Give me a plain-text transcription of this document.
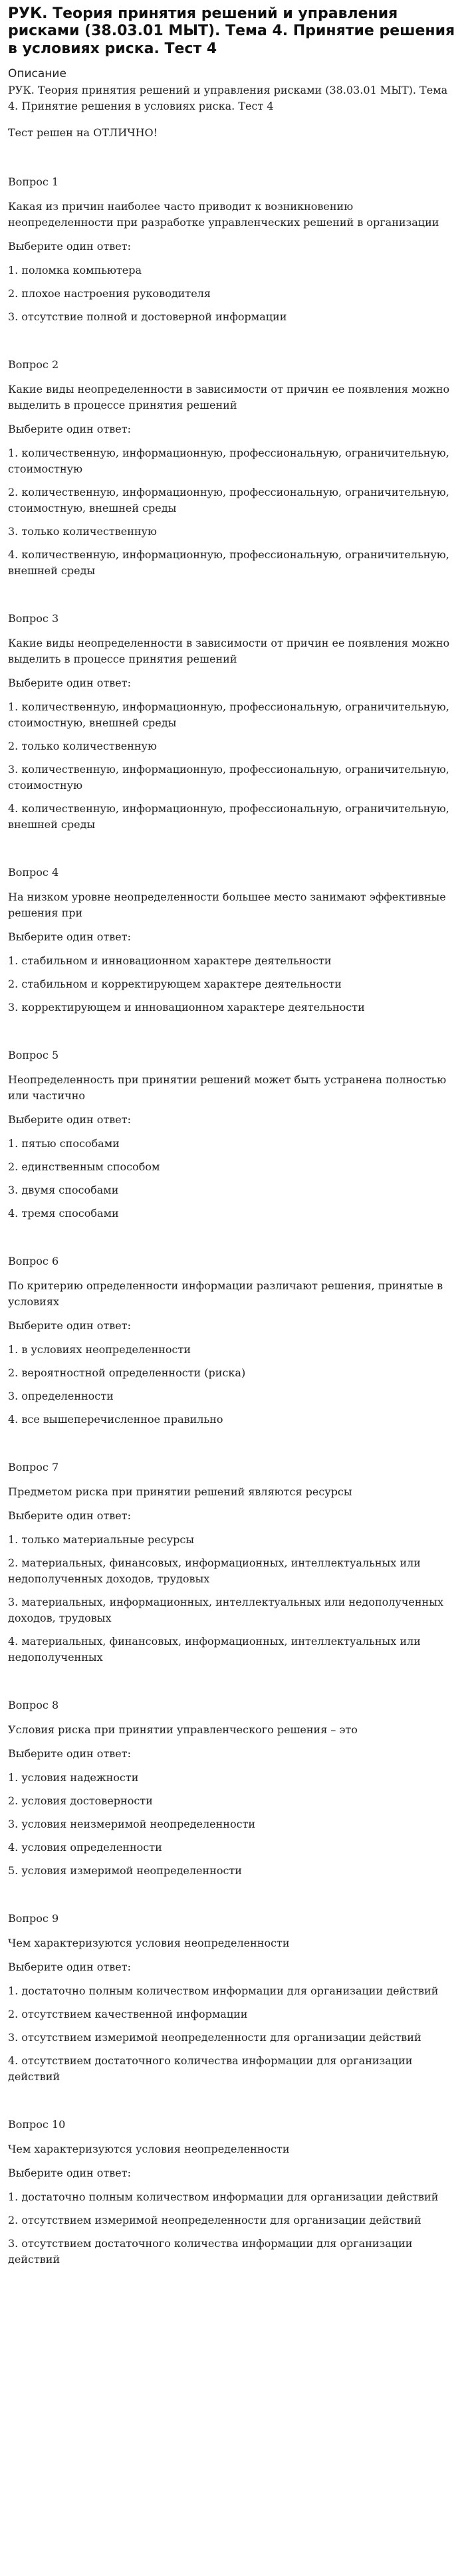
РУК. Теория принятия решений и управления рисками (38.03.01 МЫТ). Тема 4. Принятие решения в условиях риска. Тест 4
Описание
РУК. Теория принятия решений и управления рисками (38.03.01 МЫТ). Тема 4. Принятие решения в условиях риска. Тест 4
Тест решен на ОТЛИЧНО!
Вопрос 1
Какая из причин наиболее часто приводит к возникновению неопределенности при разработке управленческих решений в организации
Выберите один ответ:
1. поломка компьютера
2. плохое настроения руководителя
3. отсутствие полной и достоверной информации
Вопрос 2
Какие виды неопределенности в зависимости от причин ее появления можно выделить в процессе принятия решений
Выберите один ответ:
1. количественную, информационную, профессиональную, ограничительную, стоимостную
2. количественную, информационную, профессиональную, ограничительную, стоимостную, внешней среды
3. только количественную
4. количественную, информационную, профессиональную, ограничительную, внешней среды
Вопрос 3
Какие виды неопределенности в зависимости от причин ее появления можно выделить в процессе принятия решений
Выберите один ответ:
1. количественную, информационную, профессиональную, ограничительную, стоимостную, внешней среды
2. только количественную
3. количественную, информационную, профессиональную, ограничительную, стоимостную
4. количественную, информационную, профессиональную, ограничительную, внешней среды
Вопрос 4
На низком уровне неопределенности большее место занимают эффективные решения при
Выберите один ответ:
1. стабильном и инновационном характере деятельности
2. стабильном и корректирующем характере деятельности
3. корректирующем и инновационном характере деятельности
Вопрос 5
Неопределенность при принятии решений может быть устранена полностью или частично
Выберите один ответ:
1. пятью способами
2. единственным способом
3. двумя способами
4. тремя способами
Вопрос 6
По критерию определенности информации различают решения, принятые в условиях
Выберите один ответ:
1. в условиях неопределенности
2. вероятностной определенности (риска)
3. определенности
4. все вышеперечисленное правильно
Вопрос 7
Предметом риска при принятии решений являются ресурсы
Выберите один ответ:
1. только материальные ресурсы
2. материальных, финансовых, информационных, интеллектуальных или недополученных доходов, трудовых
3. материальных, информационных, интеллектуальных или недополученных доходов, трудовых
4. материальных, финансовых, информационных, интеллектуальных или недополученных
Вопрос 8
Условия риска при принятии управленческого решения – это
Выберите один ответ:
1. условия надежности
2. условия достоверности
3. условия неизмеримой неопределенности
4. условия определенности
5. условия измеримой неопределенности
Вопрос 9
Чем характеризуются условия неопределенности
Выберите один ответ:
1. достаточно полным количеством информации для организации действий
2. отсутствием качественной информации
3. отсутствием измеримой неопределенности для организации действий
4. отсутствием достаточного количества информации для организации действий
Вопрос 10
Чем характеризуются условия неопределенности
Выберите один ответ:
1. достаточно полным количеством информации для организации действий
2. отсутствием измеримой неопределенности для организации действий
3. отсутствием достаточного количества информации для организации действий
